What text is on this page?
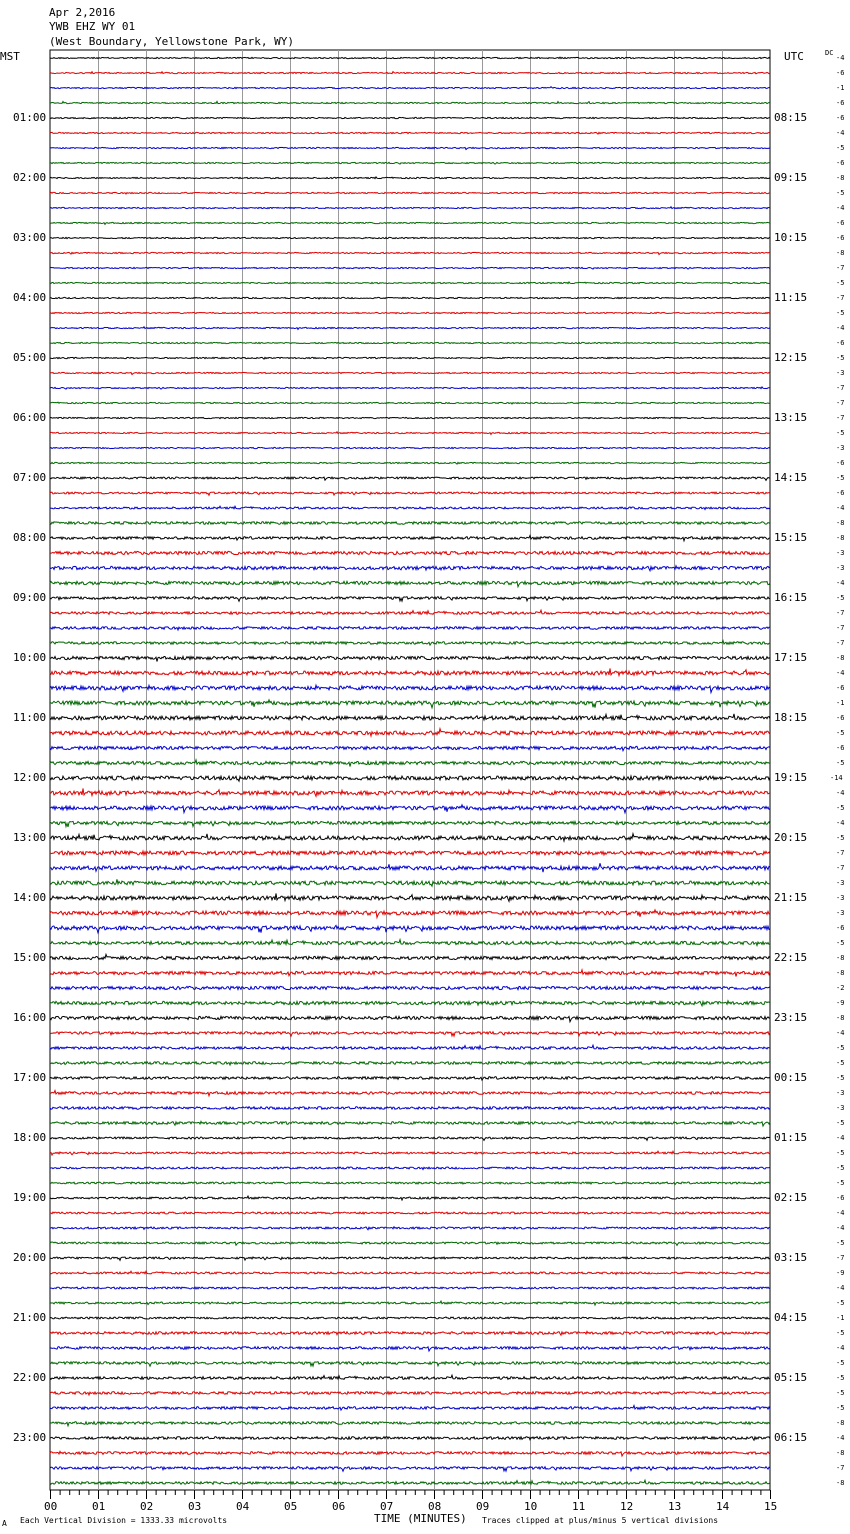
Apr 2,2016
YWB EHZ WY 01
(West Boundary, Yellowstone Park, WY)
MST	UTC	DC
01:00
02:00
03:00
04:00
05:00
06:00
07:00
08:00
09:00
10:00
11:00
12:00
13:00
14:00
15:00
16:00
17:00
18:00
19:00
20:00
21:00
22:00
23:00
08:15
09:15
10:15
11:15
12:15
13:15
14:15
15:15
16:15
17:15
18:15
19:15
20:15
21:15
22:15
23:15
00:15
01:15
02:15
03:15
04:15
05:15
06:15
-4
-6
-1
-6
-6
-4
-5
-6
-8
-5
-4
-6
-6
-8
-7
-5
-7
-5
-4
-6
-5
-3
-7
-7
-7
-5
-3
-6
-5
-6
-4
-8
-8
-3
-3
-4
-5
-7
-7
-7
-8
-4
-6
-1
-6
-5
-6
-5
-14
-4
-5
-4
-5
-7
-7
-3
-3
-3
-6
-5
-8
-8
-2
-9
-8
-4
-5
-5
-5
-3
-3
-5
-4
-5
-5
-5
-6
-4
-4
-5
-7
-9
-4
-5
-1
-5
-4
-5
-5
-5
-5
-8
-4
-8
-7
-8
00	01	02	03	04	05	06	07	08	09	10	11	12	13	14	15
A Each Vertical Division = 1333.33 microvolts	TIME (MINUTES) Traces clipped at plus/minus 5 vertical divisions
